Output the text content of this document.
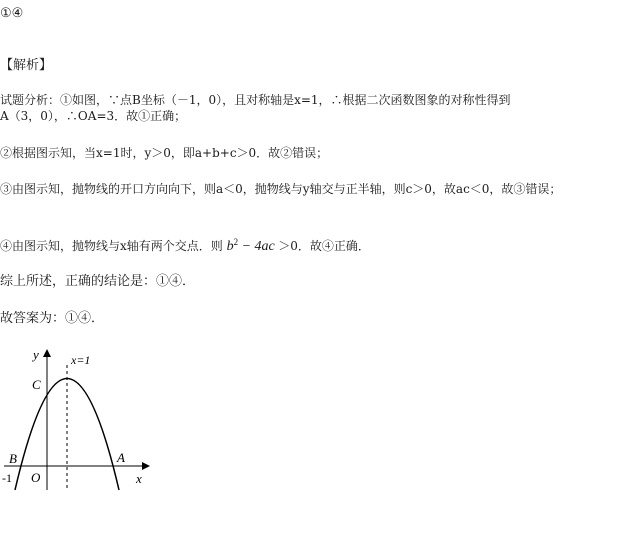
①④
【解析】
试题分析：①如图，∵点B坐标（－1，0），且对称轴是x=1，∴根据二次函数图象的对称性得到
A（3，0），∴OA=3．故①正确；
②根据图示知，当x=1时，y＞0，即a+b+c＞0．故②错误；
③由图示知，抛物线的开口方向向下，则a＜0，抛物线与y轴交与正半轴，则c＞0，故ac＜0，故③错误；
④由图示知，抛物线与x轴有两个交点．则 $b^2 - 4ac >0$．故④正确．
综上所述，正确的结论是：①④．
故答案为：①④．
y	x=1
C
B	A
O
-1	x
